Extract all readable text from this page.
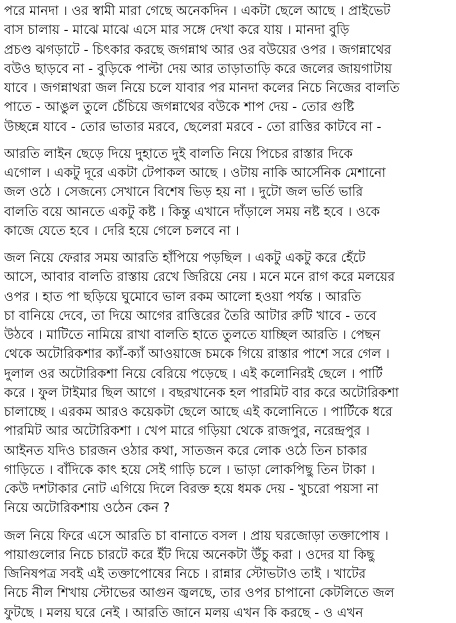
পরে মানদা । ওর স্বামী মারা গেছে অনেকদিন । একটা ছেলে আছে । প্রাইভেট
বাস চালায় - মাঝে মাঝে এসে মার সঙ্গে দেখা করে যায় । মানদা বুড়ি
প্রচণ্ড ঝগড়াটে - চিৎকার করছে জগন্নাথ আর ওর বউয়ের ওপর । জগন্নাথের
বউও ছাড়বে না - বুড়িকে পাল্টা দেয় আর তাড়াতাড়ি করে জলের জায়গাটায়
যাবে । জগন্নাথরা জল নিয়ে চলে যাবার পর মানদা কলের নিচে নিজের বালতি
পাতে - আঙুল তুলে চেঁচিয়ে জগন্নাথের বউকে শাপ দেয় - তোর গুষ্টি
উচ্ছন্নে যাবে - তোর ভাতার মরবে, ছেলেরা মরবে - তো রাত্তির কাটবে না -
আরতি লাইন ছেড়ে দিয়ে দুহাতে দুই বালতি নিয়ে পিচের রাস্তার দিকে
এগোল । একটু দূরে একটা টেপাকল আছে । ওটায় নাকি আর্সেনিক মেশানো
জল ওঠে । সেজন্যে সেখানে বিশেষ ভিড় হয় না । দুটো জল ভর্তি ভারি
বালতি বয়ে আনতে একটু কষ্ট । কিন্তু এখানে দাঁড়ালে সময় নষ্ট হবে । ওকে
কাজে যেতে হবে । দেরি হয়ে গেলে চলবে না ।
জল নিয়ে ফেরার সময় আরতি হাঁপিয়ে পড়ছিল । একটু একটু করে হেঁটে
আসে, আবার বালতি রাস্তায় রেখে জিরিয়ে নেয় । মনে মনে রাগ করে মলয়ের
ওপর । হাত পা ছড়িয়ে ঘুমোবে ভাল রকম আলো হওয়া পর্যন্ত । আরতি
চা বানিয়ে দেবে, তা দিয়ে আগের রাত্তিরের তৈরি আটার রুটি খাবে - তবে
উঠবে । মাটিতে নামিয়ে রাখা বালতি হাতে তুলতে যাচ্ছিল আরতি । পেছন
থেকে অটোরিকশার ক্যাঁ-ক্যাঁ আওয়াজে চমকে গিয়ে রাস্তার পাশে সরে গেল ।
দুলাল ওর অটোরিকশা নিয়ে বেরিয়ে পড়েছে । এই কলোনিরই ছেলে । পার্টি
করে । ফুল টাইমার ছিল আগে । বছরখানেক হল পারমিট বার করে অটোরিকশা
চালাচ্ছে । এরকম আরও কয়েকটা ছেলে আছে এই কলোনিতে । পার্টিকে ধরে
পারমিট আর অটোরিকশা । খেপ মারে গড়িয়া থেকে রাজপুর, নরেন্দ্রপুর ।
আইনত যদিও চারজন ওঠার কথা, সাতজন করে লোক ওঠে তিন চাকার
গাড়িতে । বাঁদিকে কাৎ হয়ে সেই গাড়ি চলে । ভাড়া লোকপিছু তিন টাকা ।
কেউ দশটাকার নোট এগিয়ে দিলে বিরক্ত হয়ে ধমক দেয় - খুচরো পয়সা না
নিয়ে অটোরিকশায় ওঠেন কেন ?
জল নিয়ে ফিরে এসে আরতি চা বানাতে বসল । প্রায় ঘরজোড়া তক্তাপোষ ।
পায়াগুলোর নিচে চারটে করে ইঁট দিয়ে অনেকটা উঁচু করা । ওদের যা কিছু
জিনিষপত্র সবই এই তক্তাপোষের নিচে । রান্নার স্টোভটাও তাই । খাটের
নিচে নীল শিখায় স্টোভের আগুন জ্বলছে, তার ওপর চাপানো কেটলিতে জল
ফুটছে । মলয় ঘরে নেই । আরতি জানে মলয় এখন কি করছে - ও এখন
